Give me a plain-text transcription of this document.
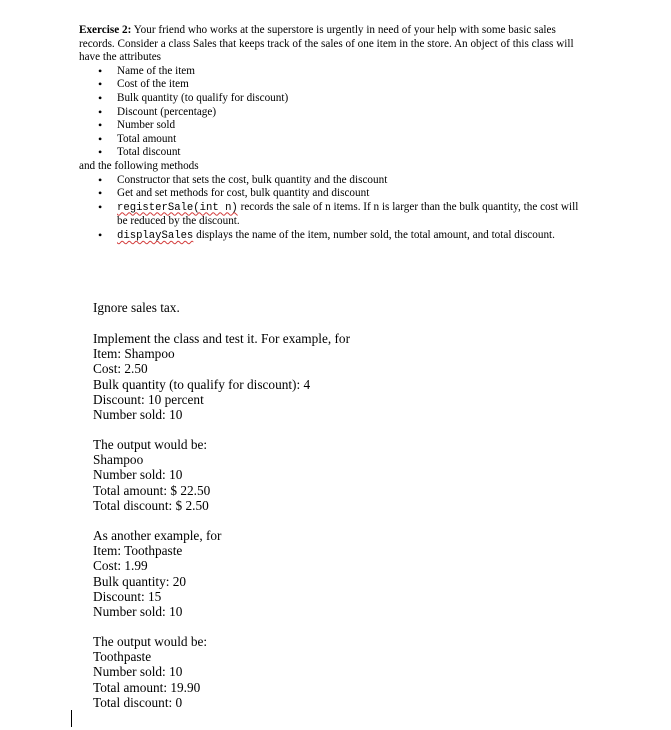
Exercise 2: Your friend who works at the superstore is urgently in need of your help with some basic sales records. Consider a class Sales that keeps track of the sales of one item in the store. An object of this class will have the attributes

• Name of the item
• Cost of the item
• Bulk quantity (to qualify for discount)
• Discount (percentage)
• Number sold
• Total amount
• Total discount

and the following methods

• Constructor that sets the cost, bulk quantity and the discount
• Get and set methods for cost, bulk quantity and discount
• registerSale(int n) records the sale of n items. If n is larger than the bulk quantity, the cost will be reduced by the discount.
• displaySales displays the name of the item, number sold, the total amount, and total discount.
Ignore sales tax.
Implement the class and test it. For example, for
Item: Shampoo
Cost: 2.50
Bulk quantity (to qualify for discount): 4
Discount: 10 percent
Number sold: 10
The output would be:
Shampoo
Number sold: 10
Total amount: $ 22.50
Total discount: $ 2.50
As another example, for
Item: Toothpaste
Cost: 1.99
Bulk quantity: 20
Discount: 15
Number sold: 10
The output would be:
Toothpaste
Number sold: 10
Total amount: 19.90
Total discount: 0
